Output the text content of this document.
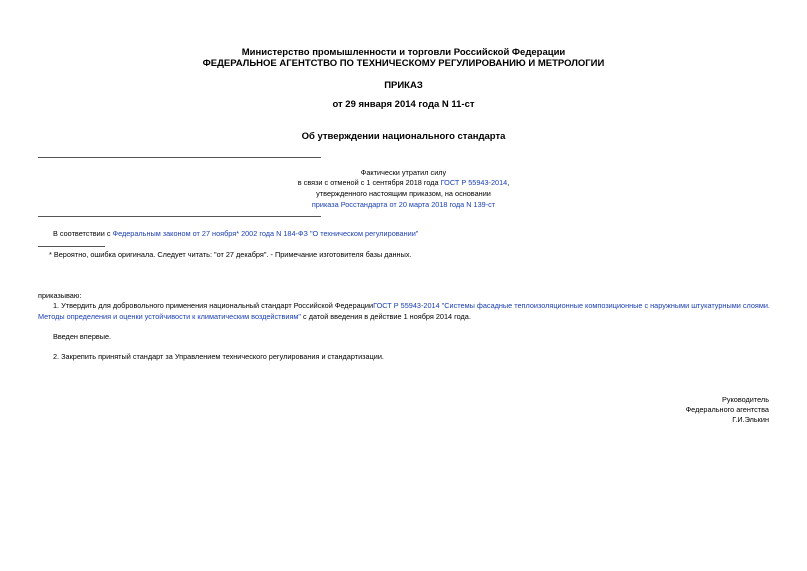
Министерство промышленности и торговли Российской Федерации
ФЕДЕРАЛЬНОЕ АГЕНТСТВО ПО ТЕХНИЧЕСКОМУ РЕГУЛИРОВАНИЮ И МЕТРОЛОГИИ
ПРИКАЗ
от 29 января 2014 года N 11-ст
Об утверждении национального стандарта
Фактически утратил силу
в связи с отменой с 1 сентября 2018 года ГОСТ Р 55943-2014,
утвержденного настоящим приказом, на основании
приказа Росстандарта от 20 марта 2018 года N 139-ст
В соответствии с Федеральным законом от 27 ноября* 2002 года N 184-ФЗ "О техническом регулировании"
* Вероятно, ошибка оригинала. Следует читать: "от 27 декабря". - Примечание изготовителя базы данных.
приказываю:
1. Утвердить для добровольного применения национальный стандарт Российской ФедерацииГОСТ Р 55943-2014 "Системы фасадные теплоизоляционные композиционные с наружными штукатурными слоями.
Методы определения и оценки устойчивости к климатическим воздействиям" с датой введения в действие 1 ноября 2014 года.
Введен впервые.
2. Закрепить принятый стандарт за Управлением технического регулирования и стандартизации.
Руководитель
Федерального агентства
Г.И.Элькин
